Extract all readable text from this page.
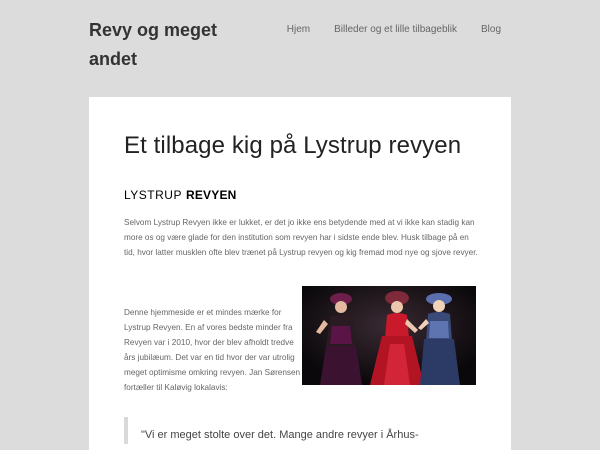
Revy og meget andet
Hjem Billeder og et lille tilbageblik Blog
Et tilbage kig på Lystrup revyen
LYSTRUP REVYEN

Selvom Lystrup Revyen ikke er lukket, er det jo ikke ens betydende med at vi ikke kan stadig kan more os og være glade for den institution som revyen har i sidste ende blev. Husk tilbage på en tid, hvor latter musklen ofte blev trænet på Lystrup revyen og kig fremad mod nye og sjove revyer.

Denne hjemmeside er et mindes mærke for Lystrup Revyen. En af vores bedste minder fra Revyen var i 2010, hvor der blev afholdt tredve års jubilæum. Det var en tid hvor der var utrolig meget optimisme omkring revyen. Jan Sørensen fortæller til Kaløvig lokalavis:

"Vi er meget stolte over det. Mange andre revyer i Århus-
